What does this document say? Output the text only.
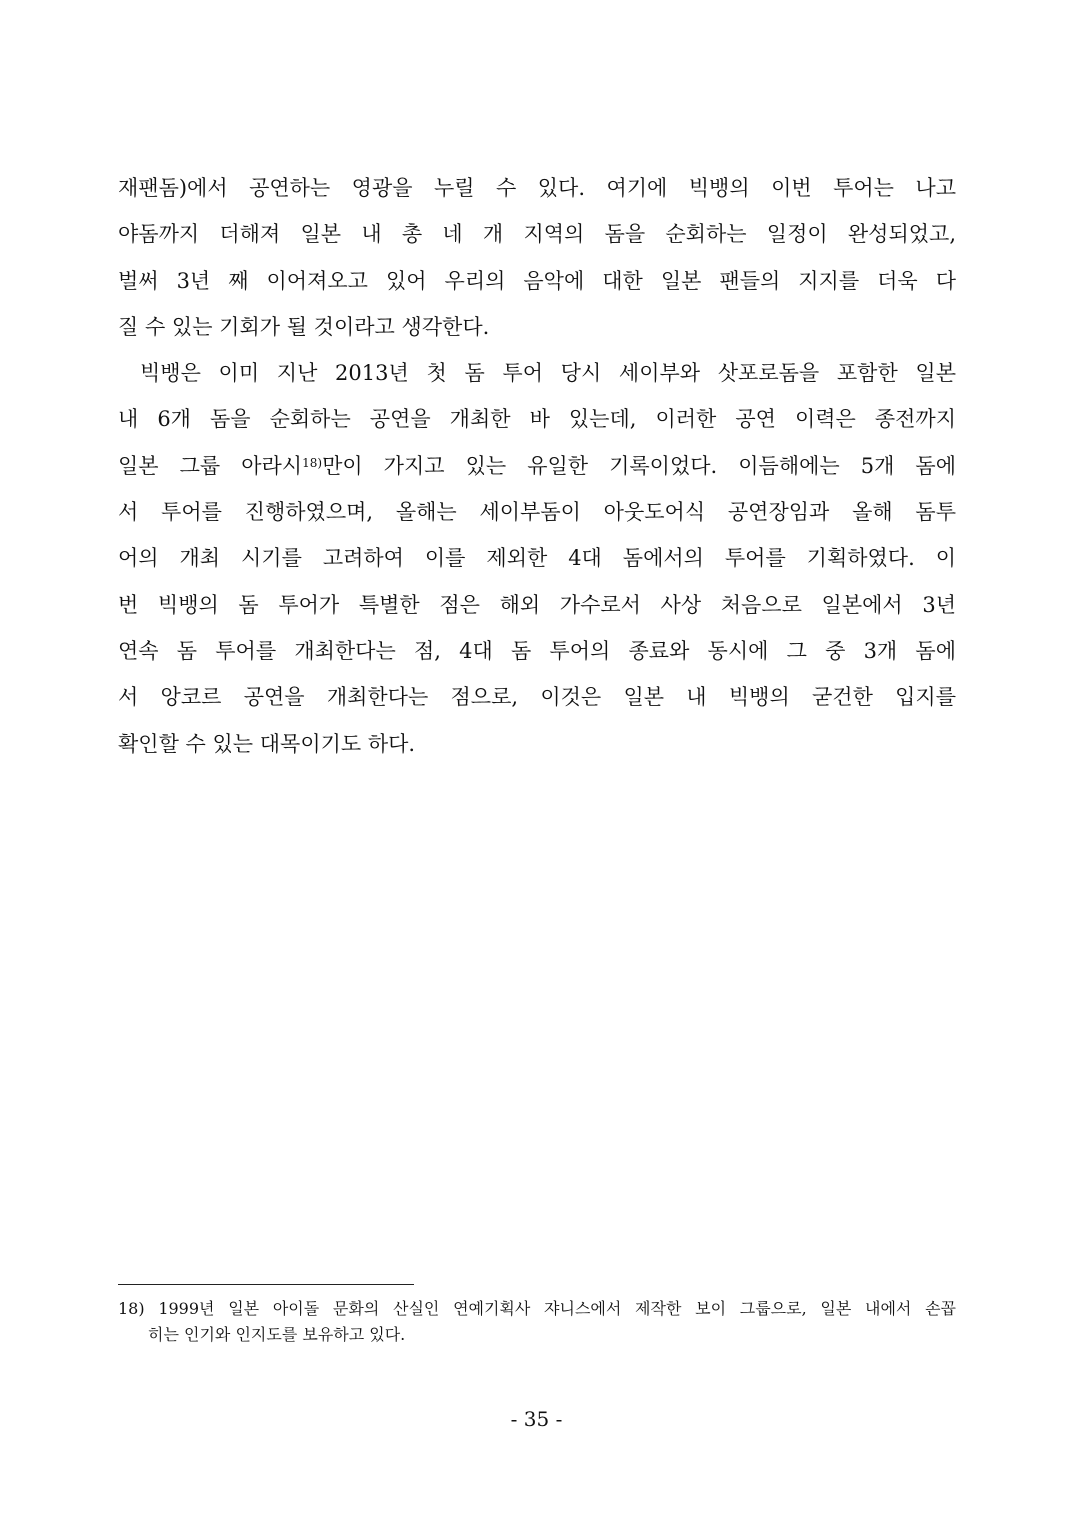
재팬돔)에서 공연하는 영광을 누릴 수 있다. 여기에 빅뱅의 이번 투어는 나고
야돔까지 더해져 일본 내 총 네 개 지역의 돔을 순회하는 일정이 완성되었고,
벌써 3년 째 이어져오고 있어 우리의 음악에 대한 일본 팬들의 지지를 더욱 다
질 수 있는 기회가 될 것이라고 생각한다.
빅뱅은 이미 지난 2013년 첫 돔 투어 당시 세이부와 삿포로돔을 포함한 일본
내 6개 돔을 순회하는 공연을 개최한 바 있는데, 이러한 공연 이력은 종전까지
일본 그룹 아라시$^{18)}$만이 가지고 있는 유일한 기록이었다. 이듬해에는 5개 돔에
서 투어를 진행하였으며, 올해는 세이부돔이 아웃도어식 공연장임과 올해 돔투
어의 개최 시기를 고려하여 이를 제외한 4대 돔에서의 투어를 기획하였다. 이
번 빅뱅의 돔 투어가 특별한 점은 해외 가수로서 사상 처음으로 일본에서 3년
연속 돔 투어를 개최한다는 점, 4대 돔 투어의 종료와 동시에 그 중 3개 돔에
서 앙코르 공연을 개최한다는 점으로, 이것은 일본 내 빅뱅의 굳건한 입지를
확인할 수 있는 대목이기도 하다.
18) 1999년 일본 아이돌 문화의 산실인 연예기획사 쟈니스에서 제작한 보이 그룹으로, 일본 내에서 손꼽
히는 인기와 인지도를 보유하고 있다.
- 35 -
